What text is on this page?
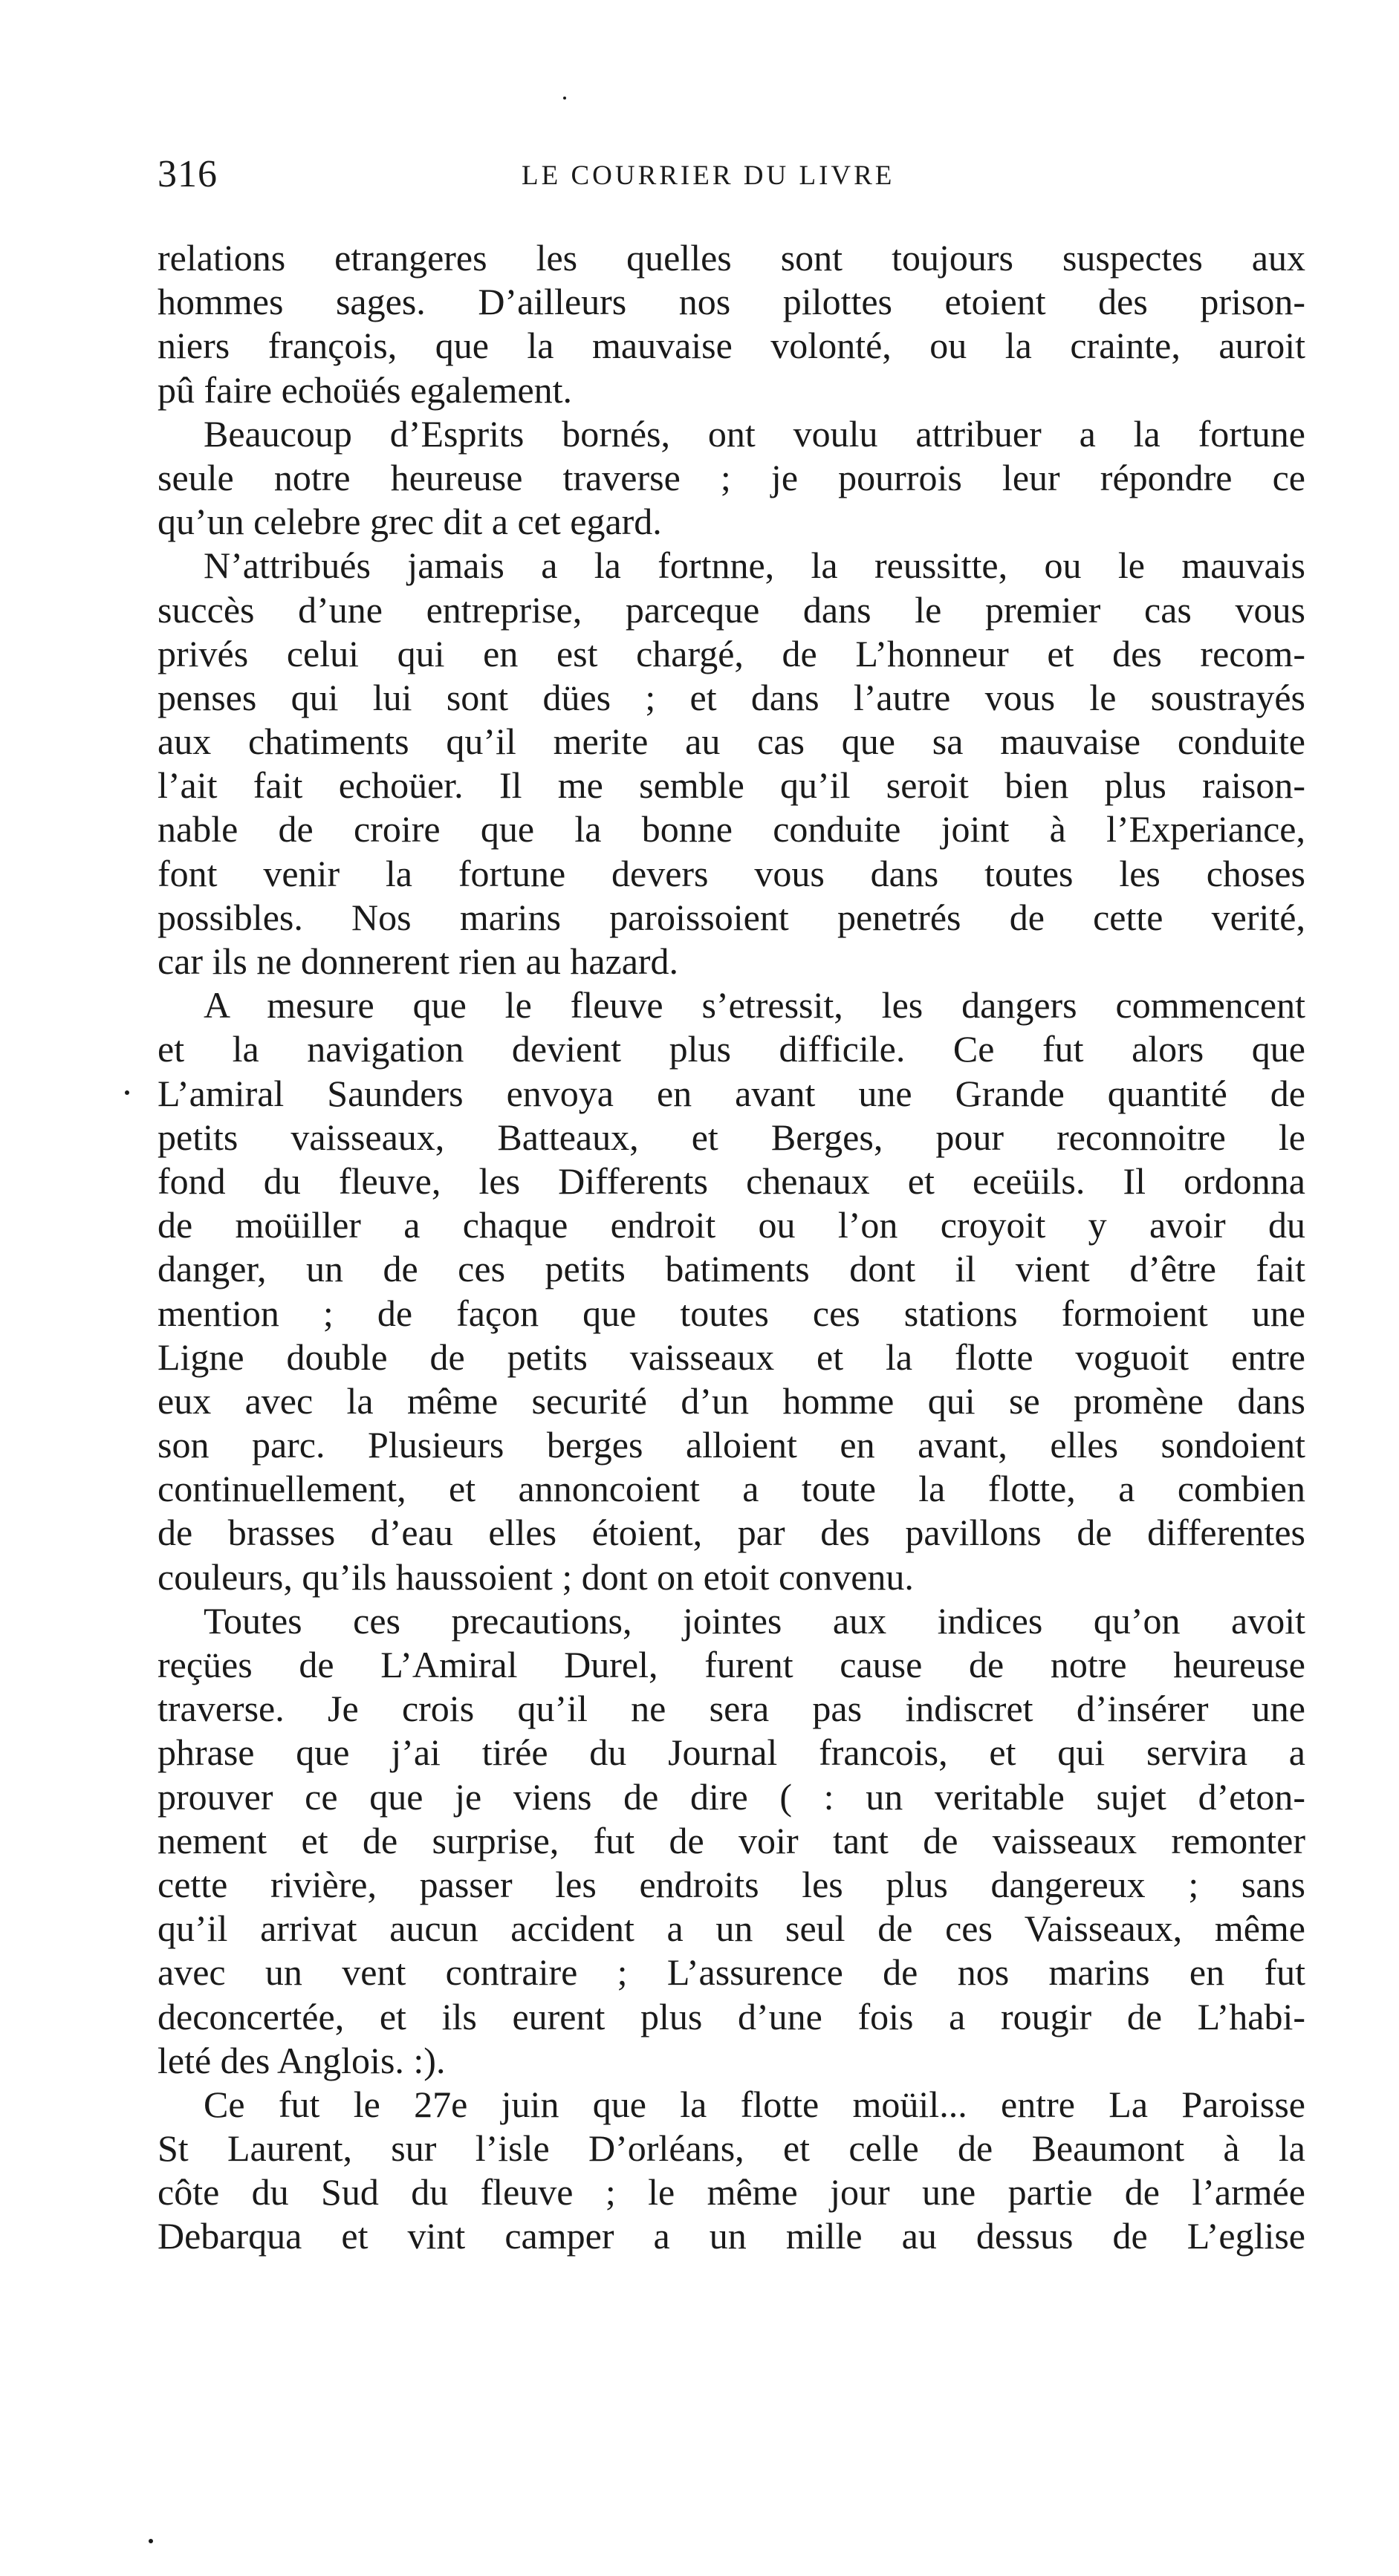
316	LE COURRIER DU LIVRE

relations etrangeres les quelles sont toujours suspectes aux
hommes sages. D’ailleurs nos pilottes etoient des prison-
niers françois, que la mauvaise volonté, ou la crainte, auroit
pû faire echoüés egalement.

Beaucoup d’Esprits bornés, ont voulu attribuer a la fortune
seule notre heureuse traverse ; je pourrois leur répondre ce
qu’un celebre grec dit a cet egard.

N’attribués jamais a la fortnne, la reussitte, ou le mauvais
succès d’une entreprise, parceque dans le premier cas vous
privés celui qui en est chargé, de L’honneur et des recom-
penses qui lui sont dües ; et dans l’autre vous le soustrayés
aux chatiments qu’il merite au cas que sa mauvaise conduite
l’ait fait echoüer. Il me semble qu’il seroit bien plus raison-
nable de croire que la bonne conduite joint à l’Experiance,
font venir la fortune devers vous dans toutes les choses
possibles. Nos marins paroissoient penetrés de cette verité,
car ils ne donnerent rien au hazard.

A mesure que le fleuve s’etressit, les dangers commencent
et la navigation devient plus difficile. Ce fut alors que
L’amiral Saunders envoya en avant une Grande quantité de
petits vaisseaux, Batteaux, et Berges, pour reconnoitre le
fond du fleuve, les Differents chenaux et eceüils. Il ordonna
de moüiller a chaque endroit ou l’on croyoit y avoir du
danger, un de ces petits batiments dont il vient d’être fait
mention ; de façon que toutes ces stations formoient une
Ligne double de petits vaisseaux et la flotte voguoit entre
eux avec la même securité d’un homme qui se promène dans
son parc. Plusieurs berges alloient en avant, elles sondoient
continuellement, et annoncoient a toute la flotte, a combien
de brasses d’eau elles étoient, par des pavillons de differentes
couleurs, qu’ils haussoient ; dont on etoit convenu.

Toutes ces precautions, jointes aux indices qu’on avoit
reçües de L’Amiral Durel, furent cause de notre heureuse
traverse. Je crois qu’il ne sera pas indiscret d’insérer une
phrase que j’ai tirée du Journal francois, et qui servira a
prouver ce que je viens de dire ( : un veritable sujet d’eton-
nement et de surprise, fut de voir tant de vaisseaux remonter
cette rivière, passer les endroits les plus dangereux ; sans
qu’il arrivat aucun accident a un seul de ces Vaisseaux, même
avec un vent contraire ; L’assurence de nos marins en fut
deconcertée, et ils eurent plus d’une fois a rougir de L’habi-
leté des Anglois. :).

Ce fut le 27e juin que la flotte moüil... entre La Paroisse
St Laurent, sur l’isle D’orléans, et celle de Beaumont à la
côte du Sud du fleuve ; le même jour une partie de l’armée
Debarqua et vint camper a un mille au dessus de L’eglise
